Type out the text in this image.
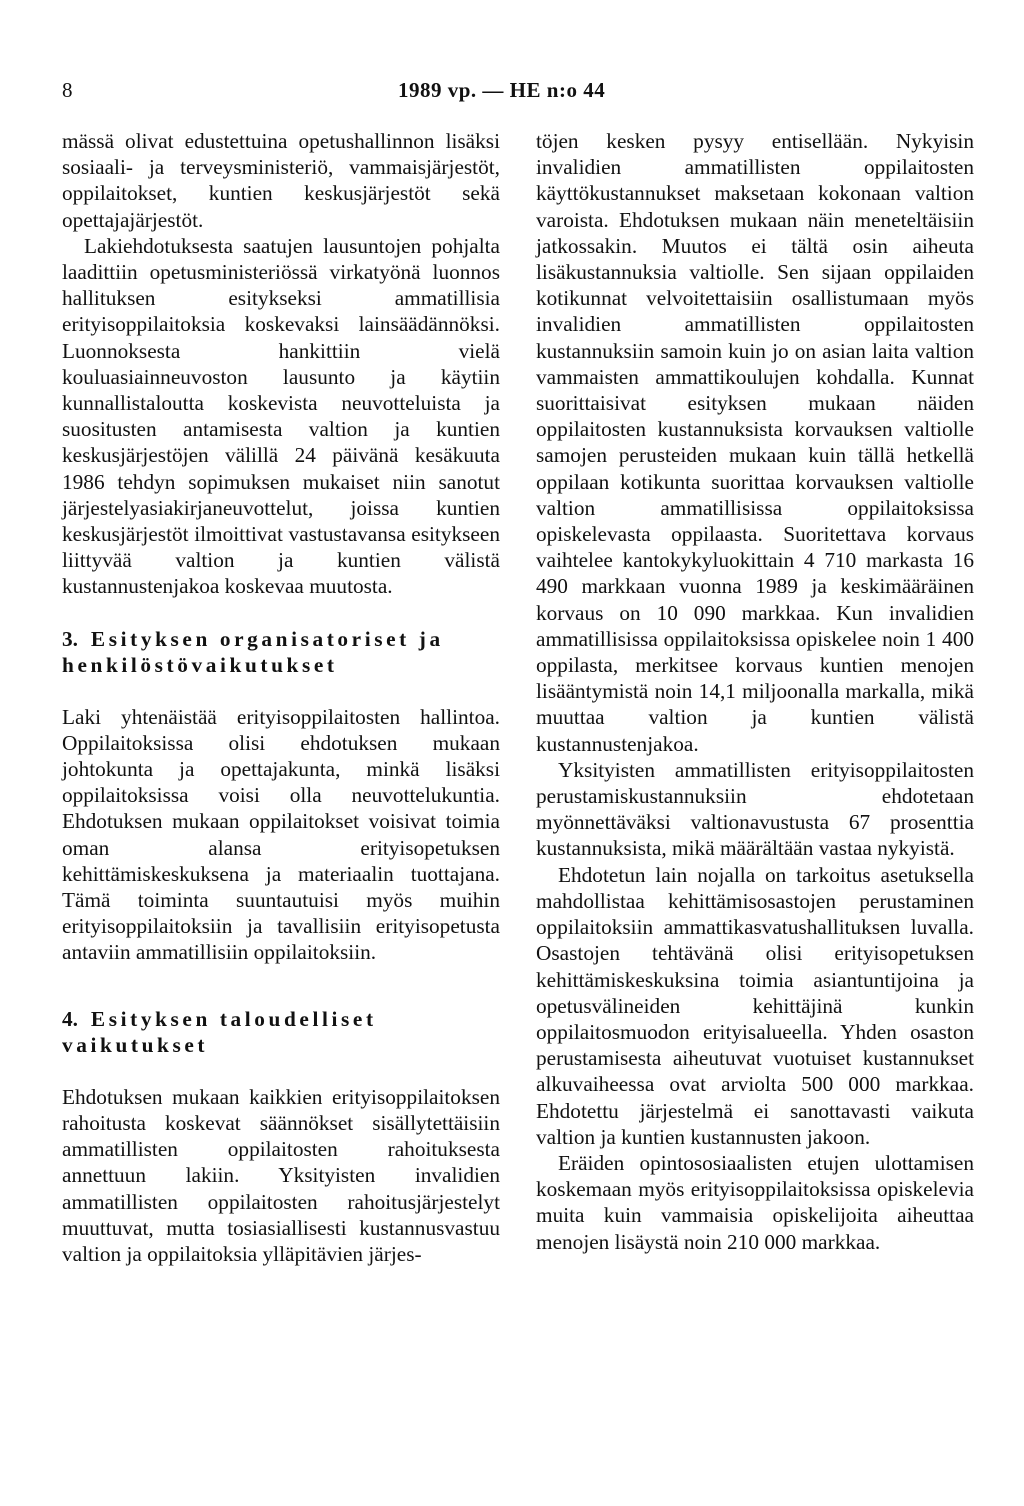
8	1989 vp. — HE n:o 44

mässä olivat edustettuina opetushallinnon lisäksi sosiaali- ja terveysministeriö, vammaisjärjestöt, oppilaitokset, kuntien keskusjärjestöt sekä opettajajärjestöt.

Lakiehdotuksesta saatujen lausuntojen pohjalta laadittiin opetusministeriössä virkatyönä luonnos hallituksen esitykseksi ammatillisia erityisoppilaitoksia koskevaksi lainsäädännöksi. Luonnoksesta hankittiin vielä kouluasiainneuvoston lausunto ja käytiin kunnallistaloutta koskevista neuvotteluista ja suositusten antamisesta valtion ja kuntien keskusjärjestöjen välillä 24 päivänä kesäkuuta 1986 tehdyn sopimuksen mukaiset niin sanotut järjestelyasiakirjaneuvottelut, joissa kuntien keskusjärjestöt ilmoittivat vastustavansa esitykseen liittyvää valtion ja kuntien välistä kustannustenjakoa koskevaa muutosta.

3. Esityksen organisatoriset ja henkilöstövaikutukset

Laki yhtenäistää erityisoppilaitosten hallintoa. Oppilaitoksissa olisi ehdotuksen mukaan johtokunta ja opettajakunta, minkä lisäksi oppilaitoksissa voisi olla neuvottelukuntia. Ehdotuksen mukaan oppilaitokset voisivat toimia oman alansa erityisopetuksen kehittämiskeskuksena ja materiaalin tuottajana. Tämä toiminta suuntautuisi myös muihin erityisoppilaitoksiin ja tavallisiin erityisopetusta antaviin ammatillisiin oppilaitoksiin.

4. Esityksen taloudelliset vaikutukset

Ehdotuksen mukaan kaikkien erityisoppilaitoksen rahoitusta koskevat säännökset sisällytettäisiin ammatillisten oppilaitosten rahoituksesta annettuun lakiin. Yksityisten invalidien ammatillisten oppilaitosten rahoitusjärjestelyt muuttuvat, mutta tosiasiallisesti kustannusvastuu valtion ja oppilaitoksia ylläpitävien järjes-

töjen kesken pysyy entisellään. Nykyisin invalidien ammatillisten oppilaitosten käyttökustannukset maksetaan kokonaan valtion varoista. Ehdotuksen mukaan näin meneteltäisiin jatkossakin. Muutos ei tältä osin aiheuta lisäkustannuksia valtiolle. Sen sijaan oppilaiden kotikunnat velvoitettaisiin osallistumaan myös invalidien ammatillisten oppilaitosten kustannuksiin samoin kuin jo on asian laita valtion vammaisten ammattikoulujen kohdalla. Kunnat suorittaisivat esityksen mukaan näiden oppilaitosten kustannuksista korvauksen valtiolle samojen perusteiden mukaan kuin tällä hetkellä oppilaan kotikunta suorittaa korvauksen valtiolle valtion ammatillisissa oppilaitoksissa opiskelevasta oppilaasta. Suoritettava korvaus vaihtelee kantokykyluokittain 4 710 markasta 16 490 markkaan vuonna 1989 ja keskimääräinen korvaus on 10 090 markkaa. Kun invalidien ammatillisissa oppilaitoksissa opiskelee noin 1 400 oppilasta, merkitsee korvaus kuntien menojen lisääntymistä noin 14,1 miljoonalla markalla, mikä muuttaa valtion ja kuntien välistä kustannustenjakoa.

Yksityisten ammatillisten erityisoppilaitosten perustamiskustannuksiin ehdotetaan myönnettäväksi valtionavustusta 67 prosenttia kustannuksista, mikä määrältään vastaa nykyistä.

Ehdotetun lain nojalla on tarkoitus asetuksella mahdollistaa kehittämisosastojen perustaminen oppilaitoksiin ammattikasvatushallituksen luvalla. Osastojen tehtävänä olisi erityisopetuksen kehittämiskeskuksina toimia asiantuntijoina ja opetusvälineiden kehittäjinä kunkin oppilaitosmuodon erityisalueella. Yhden osaston perustamisesta aiheutuvat vuotuiset kustannukset alkuvaiheessa ovat arviolta 500 000 markkaa. Ehdotettu järjestelmä ei sanottavasti vaikuta valtion ja kuntien kustannusten jakoon.

Eräiden opintososiaalisten etujen ulottamisen koskemaan myös erityisoppilaitoksissa opiskelevia muita kuin vammaisia opiskelijoita aiheuttaa menojen lisäystä noin 210 000 markkaa.
